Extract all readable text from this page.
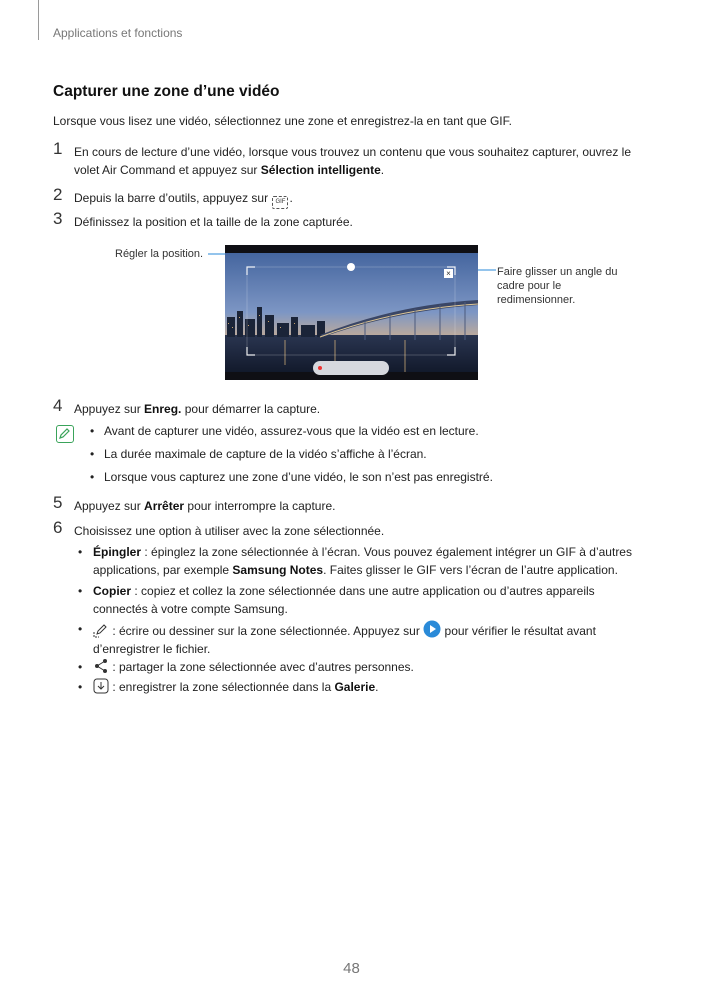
Applications et fonctions
Capturer une zone d’une vidéo
Lorsque vous lisez une vidéo, sélectionnez une zone et enregistrez-la en tant que GIF.
1 En cours de lecture d’une vidéo, lorsque vous trouvez un contenu que vous souhaitez capturer, ouvrez le
volet Air Command et appuyez sur Sélection intelligente.
2 Depuis la barre d’outils, appuyez sur GIF .
3 Définissez la position et la taille de la zone capturée.
Régler la position.
Faire glisser un angle du
cadre pour le
redimensionner.
×
4 Appuyez sur Enreg. pour démarrer la capture.
• Avant de capturer une vidéo, assurez-vous que la vidéo est en lecture.
• La durée maximale de capture de la vidéo s’affiche à l’écran.
• Lorsque vous capturez une zone d’une vidéo, le son n’est pas enregistré.
5 Appuyez sur Arrêter pour interrompre la capture.
6 Choisissez une option à utiliser avec la zone sélectionnée.
• Épingler : épinglez la zone sélectionnée à l’écran. Vous pouvez également intégrer un GIF à d’autres
applications, par exemple Samsung Notes. Faites glisser le GIF vers l’écran de l’autre application.
• Copier : copiez et collez la zone sélectionnée dans une autre application ou d’autres appareils
connectés à votre compte Samsung.
•	: écrire ou dessiner sur la zone sélectionnée. Appuyez sur  pour vérifier le résultat avant
d’enregistrer le fichier.
•	: partager la zone sélectionnée avec d’autres personnes.
•	: enregistrer la zone sélectionnée dans la Galerie.
48
